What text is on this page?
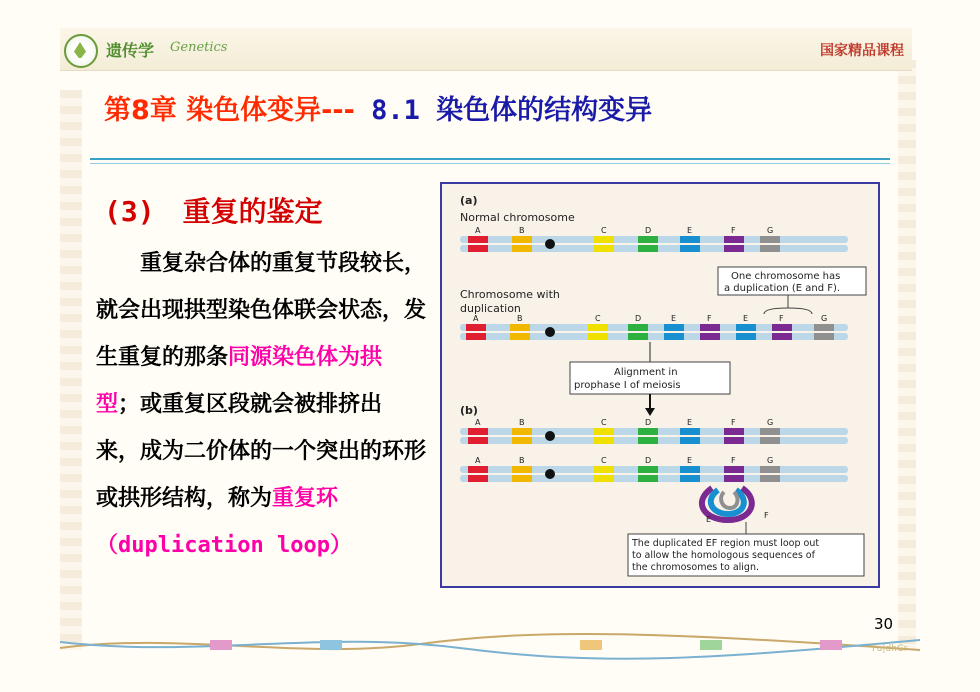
遗传学 Genetics	国家精品课程
第8章 染色体变异--- 8.1 染色体的结构变异
(3) 重复的鉴定
　　重复杂合体的重复节段较长，就会出现拱型染色体联会状态，发生重复的那条同源染色体为拱型；或重复区段就会被排挤出来，成为二价体的一个突出的环形或拱形结构，称为重复环（duplication loop）
(a)
Normal chromosome
A	B	C	D	E	F	G
One chromosome has
a duplication (E and F).
Chromosome with
duplication
A	B	C	D	E	F	E	F	G
Alignment in
prophase I of meiosis
(b)
A	B	C	D	E	F	G
A	B	C	D	E	F	G
E	F
The duplicated EF region must loop out
to allow the homologous sequences of
the chromosomes to align.
30
Fu|dhGr
